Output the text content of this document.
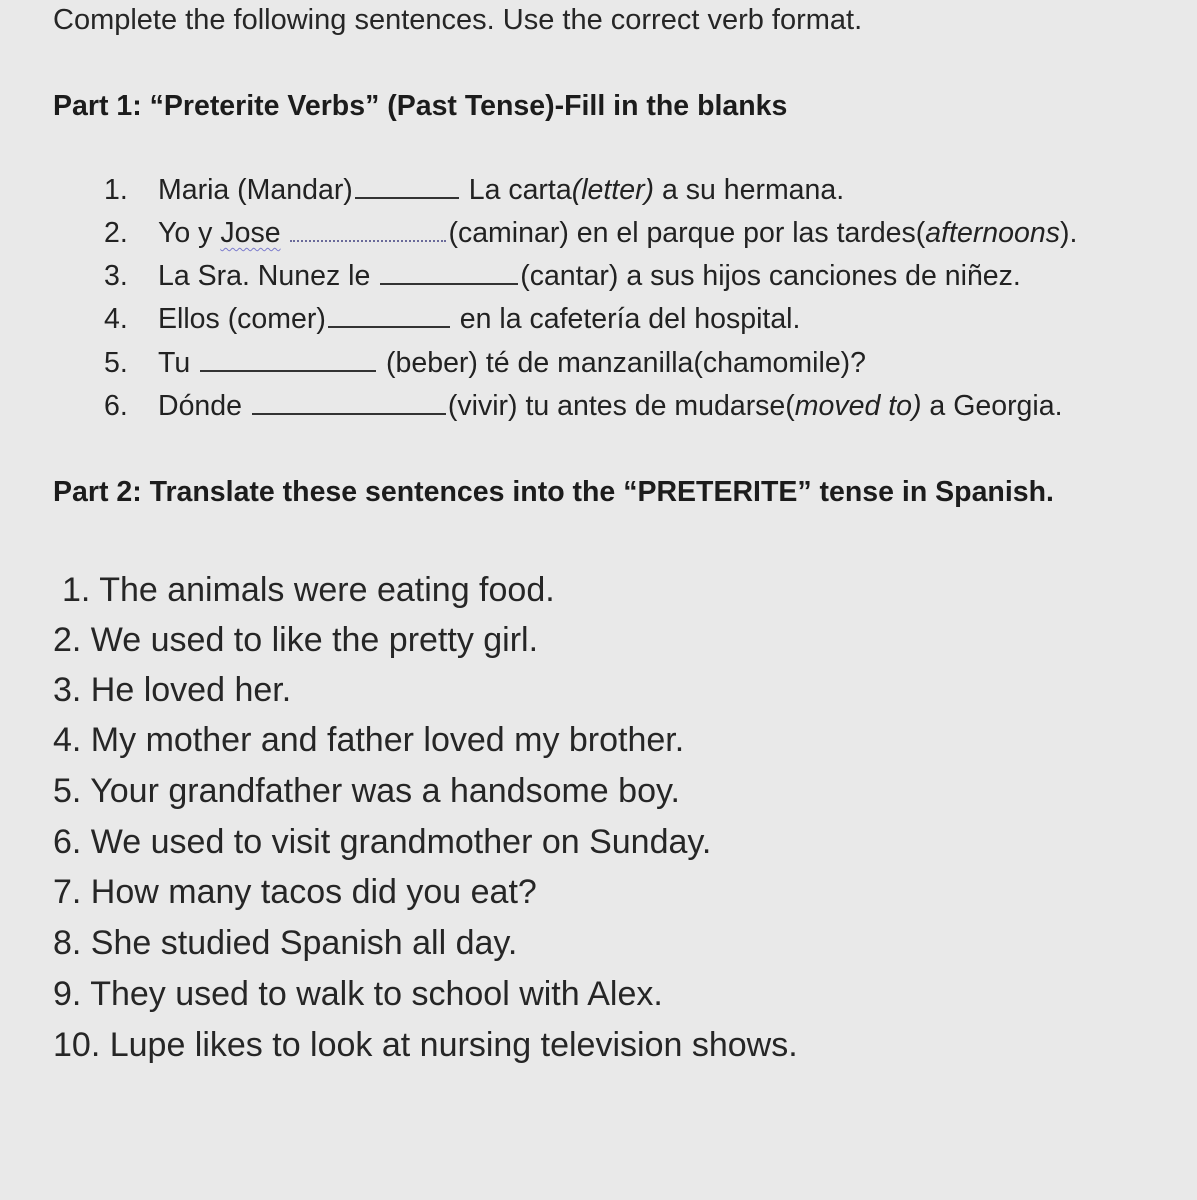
Complete the following sentences. Use the correct verb format.
Part 1: “Preterite Verbs” (Past Tense)-Fill in the blanks
1.	Maria (Mandar)	La carta(letter) a su hermana.
2.	Yo y Jose	(caminar) en el parque por las tardes(afternoons).
3.	La Sra. Nunez le	(cantar) a sus hijos canciones de niñez.
4.	Ellos (comer)	en la cafetería del hospital.
5.	Tu	(beber) té de manzanilla(chamomile)?
6.	Dónde	(vivir) tu antes de mudarse(moved to) a Georgia.
Part 2: Translate these sentences into the “PRETERITE” tense in Spanish.
1. The animals were eating food.
2. We used to like the pretty girl.
3. He loved her.
4. My mother and father loved my brother.
5. Your grandfather was a handsome boy.
6. We used to visit grandmother on Sunday.
7. How many tacos did you eat?
8. She studied Spanish all day.
9. They used to walk to school with Alex.
10. Lupe likes to look at nursing television shows.
